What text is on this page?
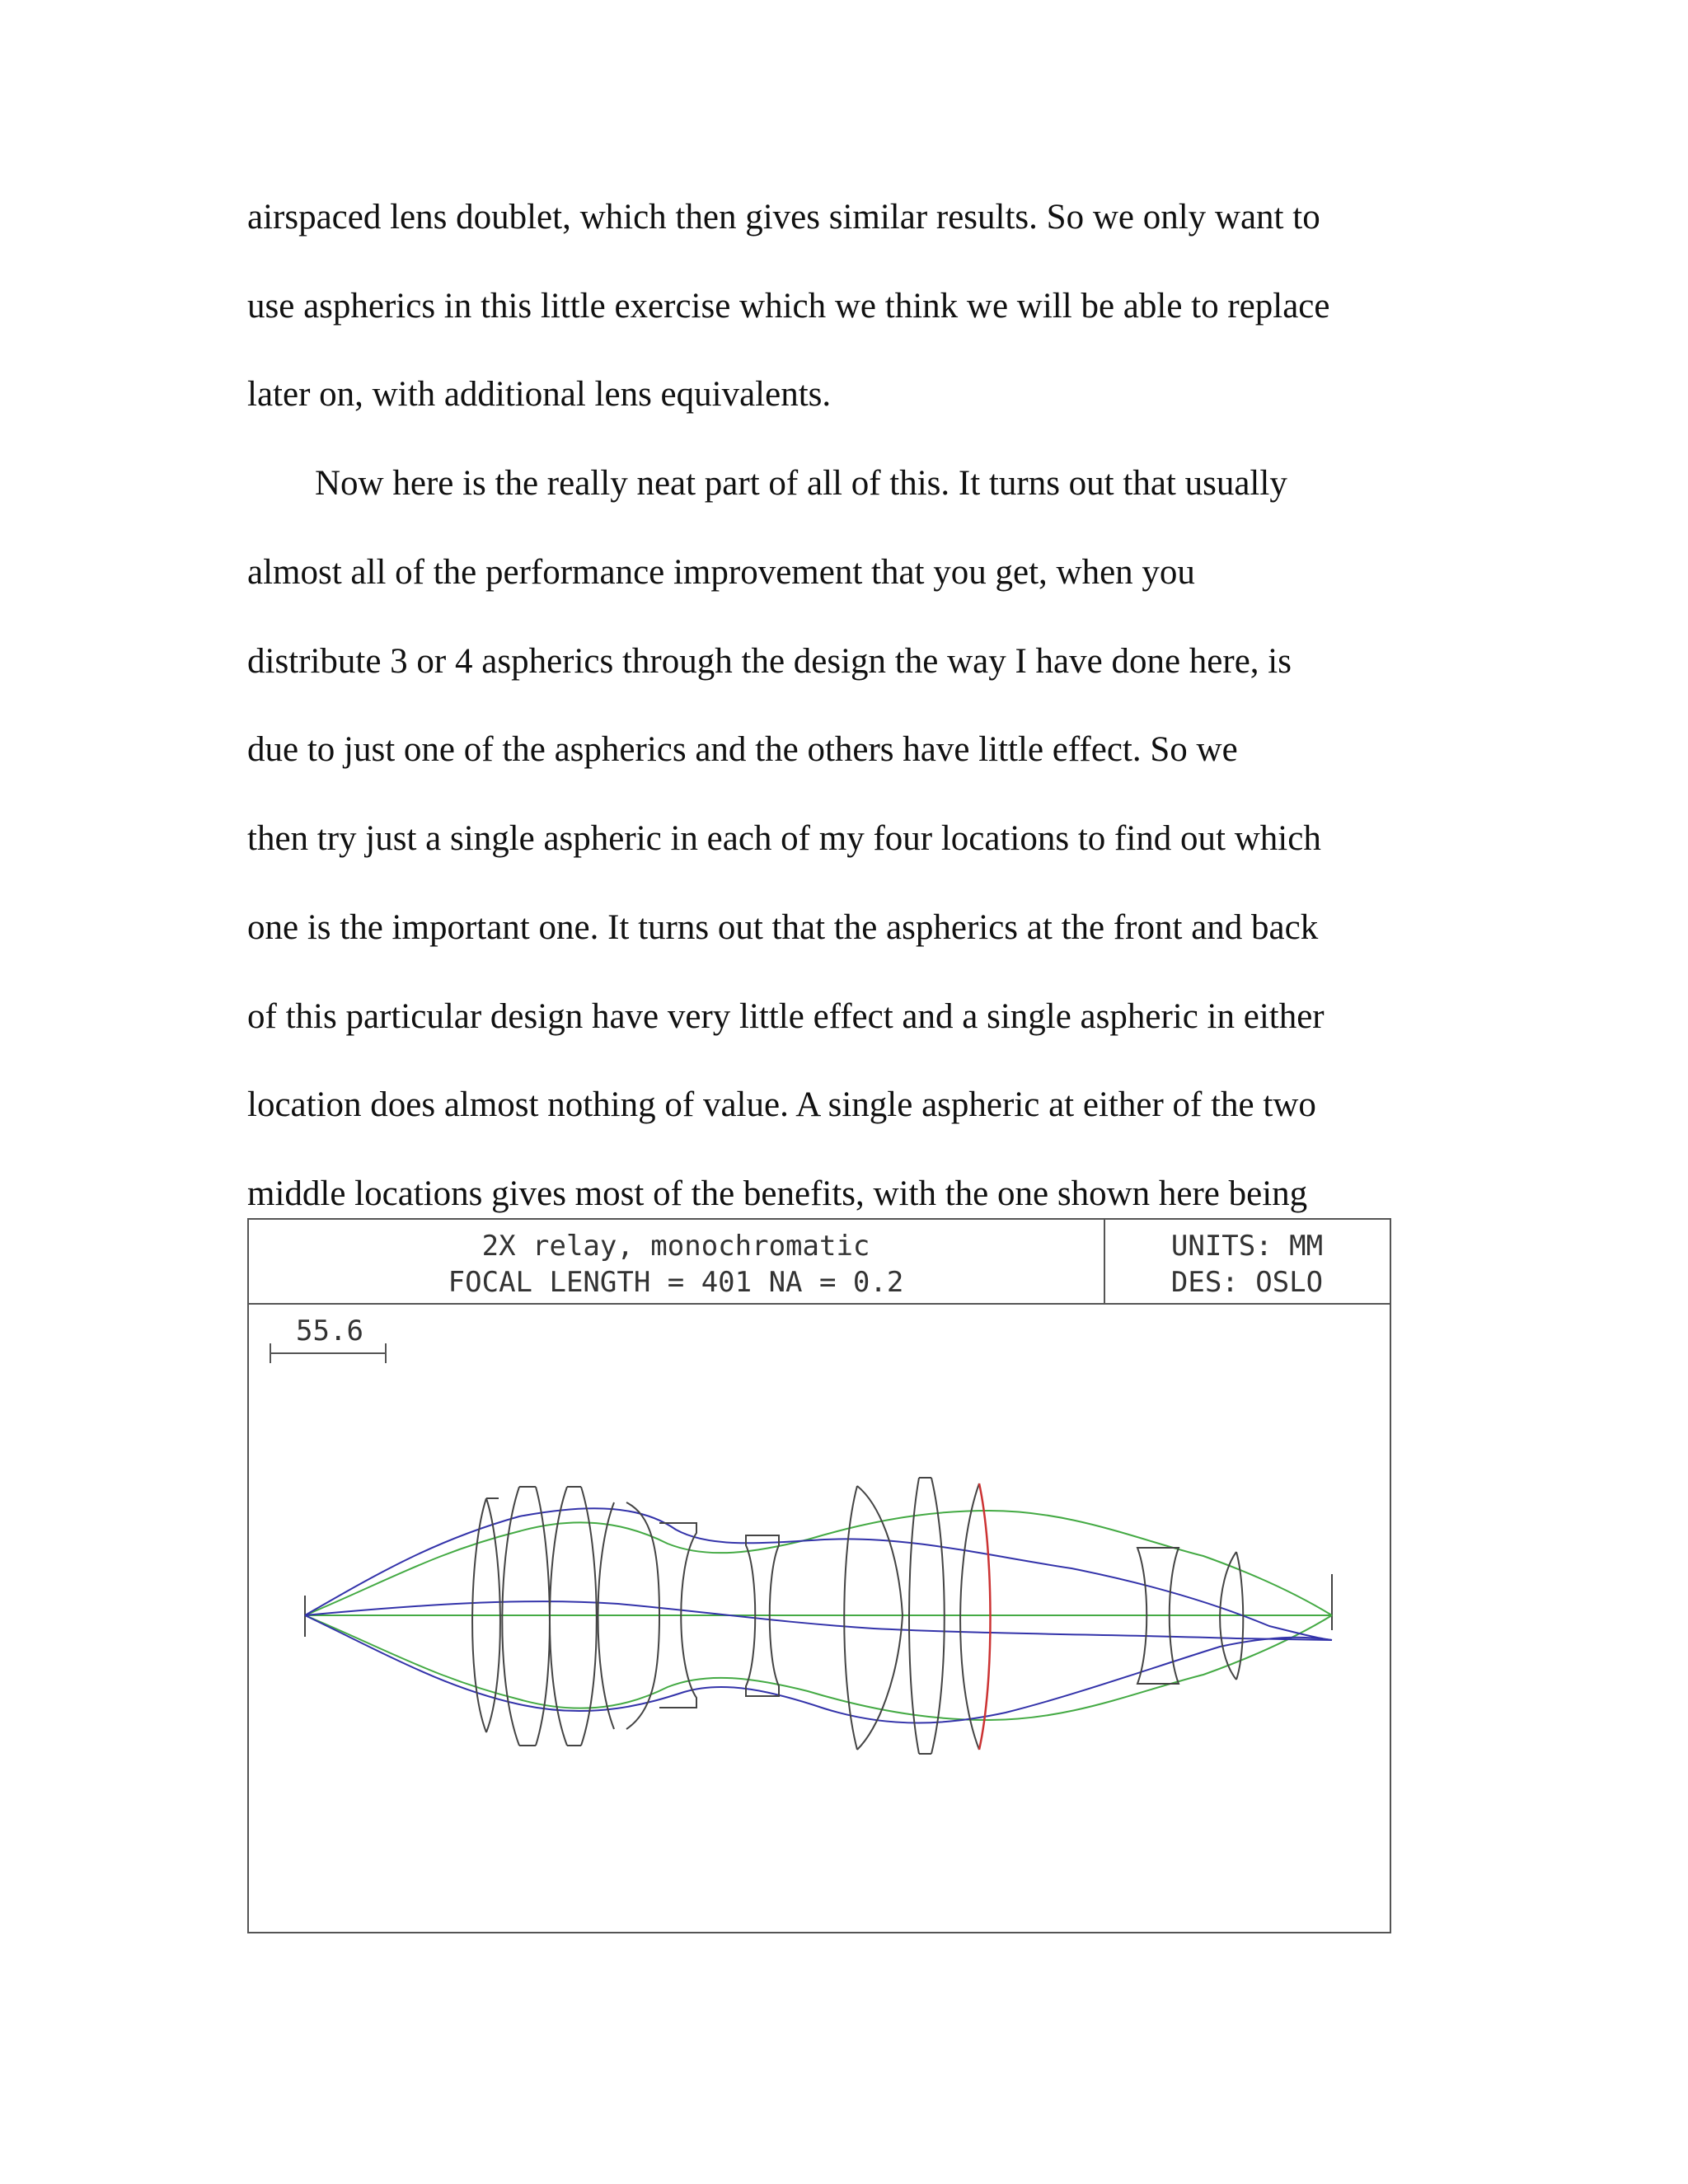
airspaced lens doublet, which then gives similar results. So we only want to
use aspherics in this little exercise which we think we will be able to replace
later on, with additional lens equivalents.
Now here is the really neat part of all of this. It turns out that usually
almost all of the performance improvement that you get, when you
distribute 3 or 4 aspherics through the design the way I have done here, is
due to just one of the aspherics and the others have little effect. So we
then try just a single aspheric in each of my four locations to find out which
one is the important one. It turns out that the aspherics at the front and back
of this particular design have very little effect and a single aspheric in either
location does almost nothing of value. A single aspheric at either of the two
middle locations gives most of the benefits, with the one shown here being
2X relay, monochromatic
FOCAL LENGTH = 401 NA = 0.2
UNITS: MM
DES: OSLO
55.6
